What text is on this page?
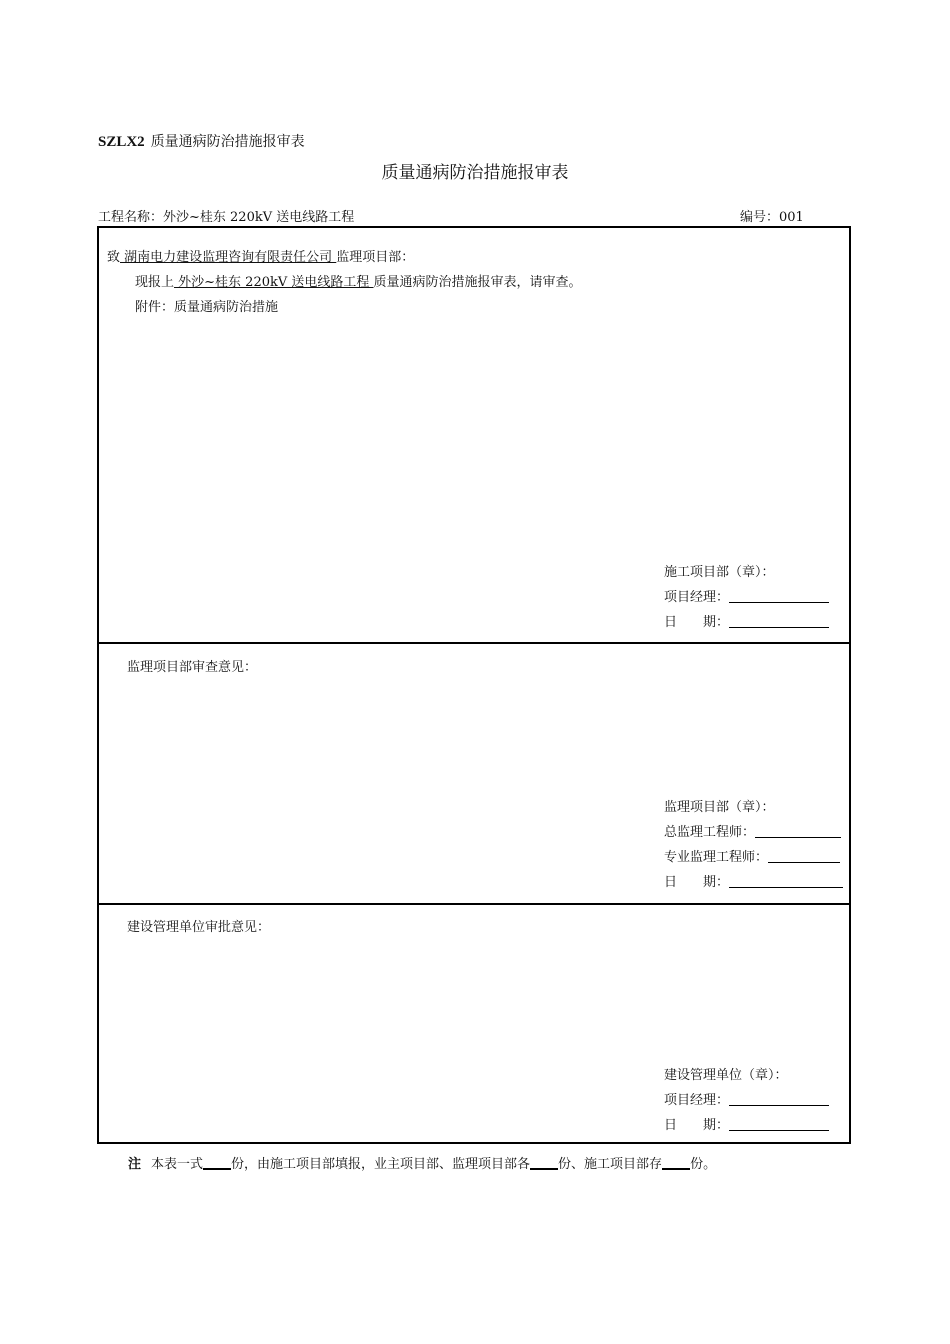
SZLX2 质量通病防治措施报审表
质量通病防治措施报审表
工程名称：外沙~桂东 220kV 送电线路工程	编号：001
致 湖南电力建设监理咨询有限责任公司 监理项目部：
现报上 外沙~桂东 220kV 送电线路工程 质量通病防治措施报审表，请审查。
附件：质量通病防治措施
施工项目部（章）：
项目经理：
日　　期：
监理项目部审查意见：
监理项目部（章）：
总监理工程师：
专业监理工程师：
日　　期：
建设管理单位审批意见：
建设管理单位（章）：
项目经理：
日　　期：
注 本表一式 份，由施工项目部填报，业主项目部、监理项目部各 份、施工项目部存 份。
